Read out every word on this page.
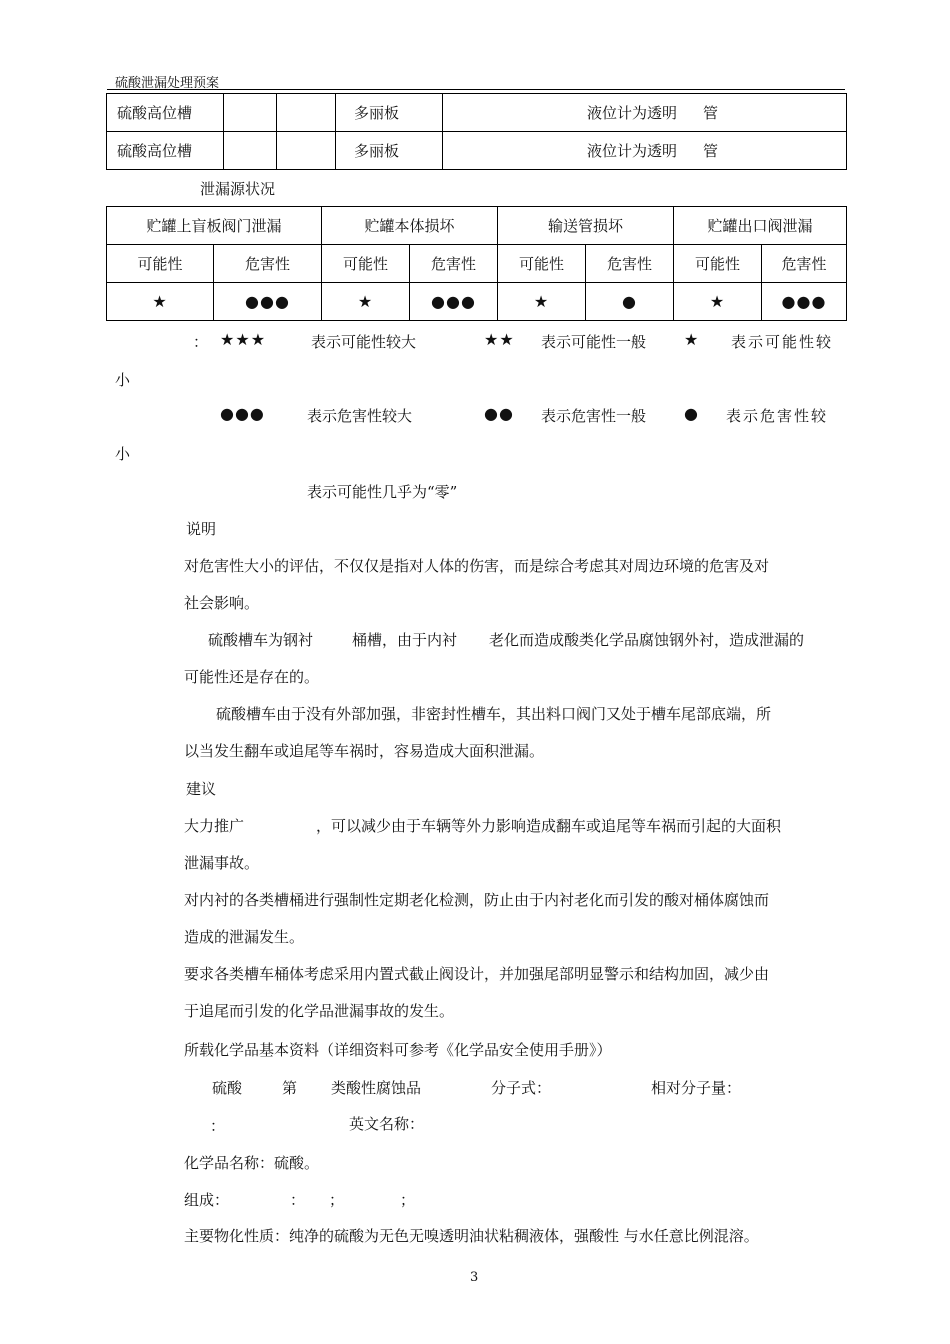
硫酸泄漏处理预案
硫酸高位槽			多丽板	液位计为透明 管
硫酸高位槽			多丽板	液位计为透明 管
泄漏源状况
贮罐上盲板阀门泄漏		贮罐本体损坏		输送管损坏		贮罐出口阀泄漏	
可能性	危害性	可能性	危害性	可能性	危害性	可能性	危害性
★	●●●	★	●●●	★	●	★	●●●
： ★★★	表示可能性较大	★★ 表示可能性一般 ★ 表示可能性较
小
●●●	表示危害性较大	●● 表示危害性一般 ● 表示危害性较
小
表示可能性几乎为“零”
说明
对危害性大小的评估，不仅仅是指对人体的伤害，而是综合考虑其对周边环境的危害及对
社会影响。
硫酸槽车为钢衬	桶槽，由于内衬 老化而造成酸类化学品腐蚀钢外衬，造成泄漏的
可能性还是存在的。
硫酸槽车由于没有外部加强，非密封性槽车，其出料口阀门又处于槽车尾部底端，所
以当发生翻车或追尾等车祸时，容易造成大面积泄漏。
建议
大力推广	，可以减少由于车辆等外力影响造成翻车或追尾等车祸而引起的大面积
泄漏事故。
对内衬的各类槽桶进行强制性定期老化检测，防止由于内衬老化而引发的酸对桶体腐蚀而
造成的泄漏发生。
要求各类槽车桶体考虑采用内置式截止阀设计，并加强尾部明显警示和结构加固，减少由
于追尾而引发的化学品泄漏事故的发生。
所载化学品基本资料（详细资料可参考《化学品安全使用手册》）
硫酸	第 类酸性腐蚀品	分子式：	相对分子量：
：	英文名称：
化学品名称：硫酸。
组成：	： ；	；
主要物化性质：纯净的硫酸为无色无嗅透明油状粘稠液体，强酸性 与水任意比例混溶。
3
